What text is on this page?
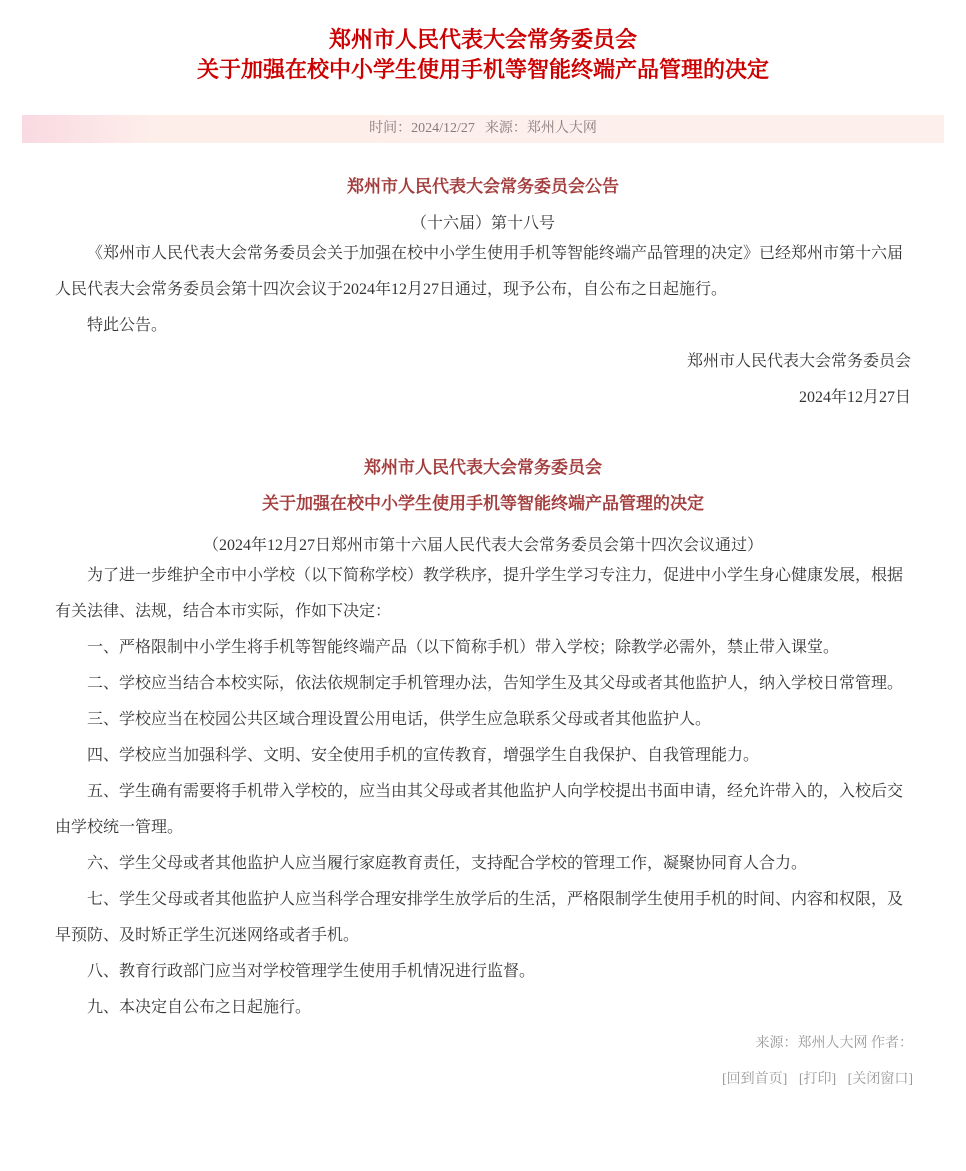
郑州市人民代表大会常务委员会
关于加强在校中小学生使用手机等智能终端产品管理的决定
时间：2024/12/27 来源：郑州人大网
郑州市人民代表大会常务委员会公告
（十六届）第十八号

《郑州市人民代表大会常务委员会关于加强在校中小学生使用手机等智能终端产品管理的决定》已经郑州市第十六届人民代表大会常务委员会第十四次会议于2024年12月27日通过，现予公布，自公布之日起施行。

特此公告。

郑州市人民代表大会常务委员会

2024年12月27日

郑州市人民代表大会常务委员会
关于加强在校中小学生使用手机等智能终端产品管理的决定
（2024年12月27日郑州市第十六届人民代表大会常务委员会第十四次会议通过）

为了进一步维护全市中小学校（以下简称学校）教学秩序，提升学生学习专注力，促进中小学生身心健康发展，根据有关法律、法规，结合本市实际，作如下决定：

一、严格限制中小学生将手机等智能终端产品（以下简称手机）带入学校；除教学必需外，禁止带入课堂。

二、学校应当结合本校实际，依法依规制定手机管理办法，告知学生及其父母或者其他监护人，纳入学校日常管理。

三、学校应当在校园公共区域合理设置公用电话，供学生应急联系父母或者其他监护人。

四、学校应当加强科学、文明、安全使用手机的宣传教育，增强学生自我保护、自我管理能力。

五、学生确有需要将手机带入学校的，应当由其父母或者其他监护人向学校提出书面申请，经允许带入的，入校后交由学校统一管理。

六、学生父母或者其他监护人应当履行家庭教育责任，支持配合学校的管理工作，凝聚协同育人合力。

七、学生父母或者其他监护人应当科学合理安排学生放学后的生活，严格限制学生使用手机的时间、内容和权限，及早预防、及时矫正学生沉迷网络或者手机。

八、教育行政部门应当对学校管理学生使用手机情况进行监督。

九、本决定自公布之日起施行。

来源：郑州人大网 作者：
[回到首页] [打印] [关闭窗口]
